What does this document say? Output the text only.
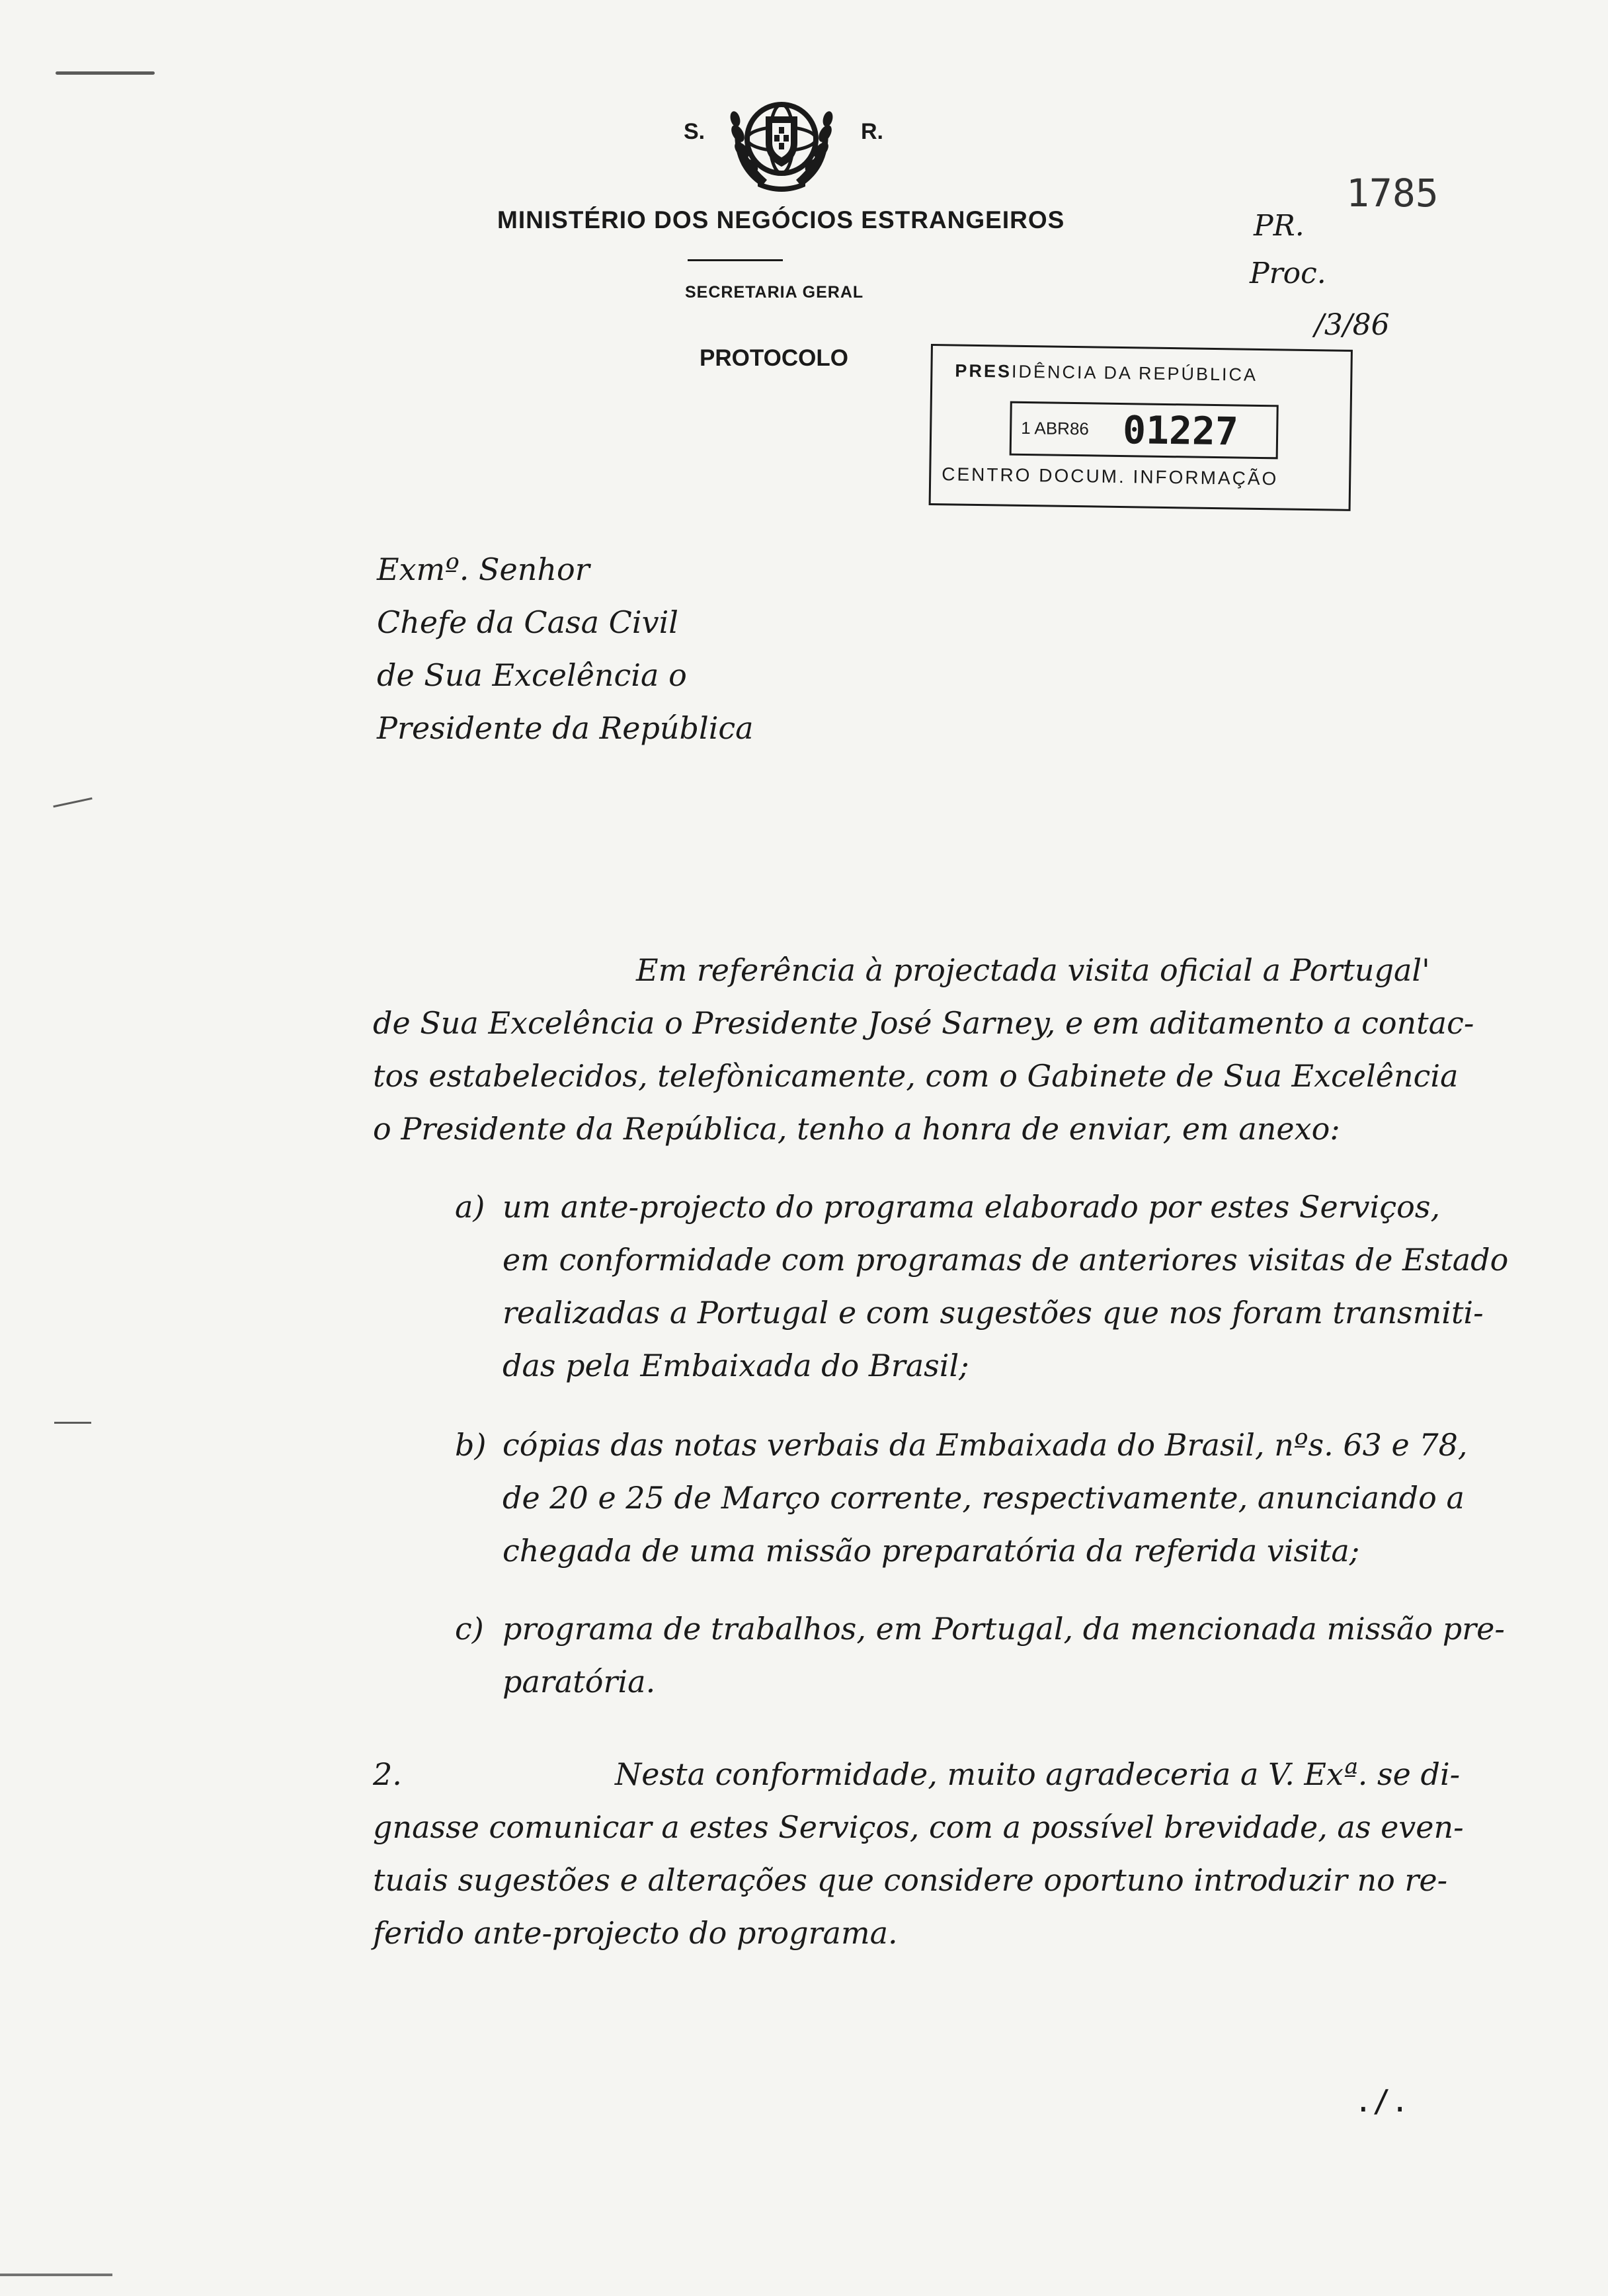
S.	R.
MINISTÉRIO DOS NEGÓCIOS ESTRANGEIROS
SECRETARIA GERAL
PROTOCOLO
1785
PR.
Proc.
/3/86
PRESIDÊNCIA DA REPÚBLICA
1 ABR86 01227
CENTRO DOCUM. INFORMAÇÃO
Exmº. Senhor
Chefe da Casa Civil
de Sua Excelência o
Presidente da República
Em referência à projectada visita oficial a Portugal'
de Sua Excelência o Presidente José Sarney, e em aditamento a contac-
tos estabelecidos, telefònicamente, com o Gabinete de Sua Excelência
o Presidente da República, tenho a honra de enviar, em anexo:
a) um ante-projecto do programa elaborado por estes Serviços,
em conformidade com programas de anteriores visitas de Estado
realizadas a Portugal e com sugestões que nos foram transmiti-
das pela Embaixada do Brasil;
b) cópias das notas verbais da Embaixada do Brasil, nºs. 63 e 78,
de 20 e 25 de Março corrente, respectivamente, anunciando a
chegada de uma missão preparatória da referida visita;
c) programa de trabalhos, em Portugal, da mencionada missão pre-
paratória.
2.	Nesta conformidade, muito agradeceria a V. Exª. se di-
gnasse comunicar a estes Serviços, com a possível brevidade, as even-
tuais sugestões e alterações que considere oportuno introduzir no re-
ferido ante-projecto do programa.
./.
